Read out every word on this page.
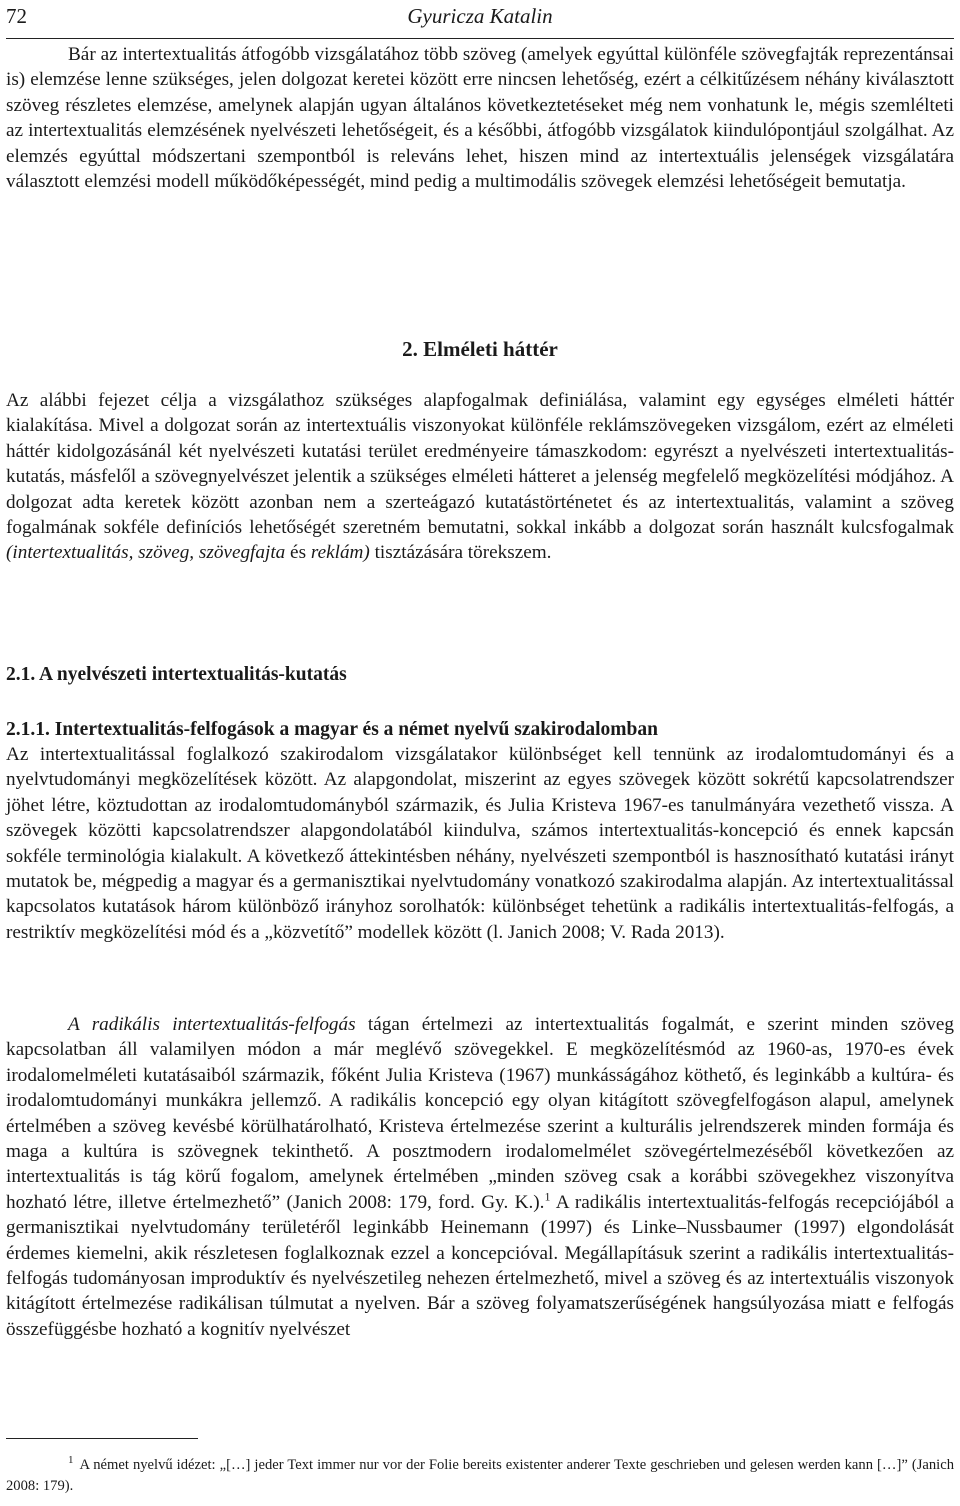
72	Gyuricza Katalin

Bár az intertextualitás átfogóbb vizsgálatához több szöveg (amelyek egyúttal különféle szövegfajták reprezentánsai is) elemzése lenne szükséges, jelen dolgozat keretei között erre nincsen lehetőség, ezért a célkitűzésem néhány kiválasztott szöveg részletes elemzése, amelynek alapján ugyan általános következtetéseket még nem vonhatunk le, mégis szemlélteti az intertextualitás elemzésének nyelvészeti lehetőségeit, és a későbbi, átfogóbb vizsgálatok kiindulópontjául szolgálhat. Az elemzés egyúttal módszertani szempontból is releváns lehet, hiszen mind az intertextuális jelenségek vizsgálatára választott elemzési modell működőképességét, mind pedig a multimodális szövegek elemzési lehetőségeit bemutatja.

2. Elméleti háttér

Az alábbi fejezet célja a vizsgálathoz szükséges alapfogalmak definiálása, valamint egy egységes elméleti háttér kialakítása. Mivel a dolgozat során az intertextuális viszonyokat különféle reklámszövegeken vizsgálom, ezért az elméleti háttér kidolgozásánál két nyelvészeti kutatási terület eredményeire támaszkodom: egyrészt a nyelvészeti intertextualitás-kutatás, másfelől a szövegnyelvészet jelentik a szükséges elméleti hátteret a jelenség megfelelő megközelítési módjához. A dolgozat adta keretek között azonban nem a szerteágazó kutatástörténetet és az intertextualitás, valamint a szöveg fogalmának sokféle definíciós lehetőségét szeretném bemutatni, sokkal inkább a dolgozat során használt kulcsfogalmak (intertextualitás, szöveg, szövegfajta és reklám) tisztázására törekszem.

2.1. A nyelvészeti intertextualitás-kutatás
2.1.1. Intertextualitás-felfogások a magyar és a német nyelvű szakirodalomban

Az intertextualitással foglalkozó szakirodalom vizsgálatakor különbséget kell tennünk az irodalomtudományi és a nyelvtudományi megközelítések között. Az alapgondolat, miszerint az egyes szövegek között sokrétű kapcsolatrendszer jöhet létre, köztudottan az irodalomtudományból származik, és Julia Kristeva 1967-es tanulmányára vezethető vissza. A szövegek közötti kapcsolatrendszer alapgondolatából kiindulva, számos intertextualitás-koncepció és ennek kapcsán sokféle terminológia kialakult. A következő áttekintésben néhány, nyelvészeti szempontból is hasznosítható kutatási irányt mutatok be, mégpedig a magyar és a germanisztikai nyelvtudomány vonatkozó szakirodalma alapján. Az intertextualitással kapcsolatos kutatások három különböző irányhoz sorolhatók: különbséget tehetünk a radikális intertextualitás-felfogás, a restriktív megközelítési mód és a „közvetítő” modellek között (l. Janich 2008; V. Rada 2013).

A radikális intertextualitás-felfogás tágan értelmezi az intertextualitás fogalmát, e szerint minden szöveg kapcsolatban áll valamilyen módon a már meglévő szövegekkel. E megközelítésmód az 1960-as, 1970-es évek irodalomelméleti kutatásaiból származik, főként Julia Kristeva (1967) munkásságához köthető, és leginkább a kultúra- és irodalomtudományi munkákra jellemző. A radikális koncepció egy olyan kitágított szövegfelfogáson alapul, amelynek értelmében a szöveg kevésbé körülhatárolható, Kristeva értelmezése szerint a kulturális jelrendszerek minden formája és maga a kultúra is szövegnek tekinthető. A posztmodern irodalomelmélet szövegértelmezéséből következően az intertextualitás is tág körű fogalom, amelynek értelmében „minden szöveg csak a korábbi szövegekhez viszonyítva hozható létre, illetve értelmezhető” (Janich 2008: 179, ford. Gy. K.).$^1$ A radikális intertextualitás-felfogás recepciójából a germanisztikai nyelvtudomány területéről leginkább Heinemann (1997) és Linke–Nussbaumer (1997) elgondolását érdemes kiemelni, akik részletesen foglalkoznak ezzel a koncepcióval. Megállapításuk szerint a radikális intertextualitás-felfogás tudományosan improduktív és nyelvészetileg nehezen értelmezhető, mivel a szöveg és az intertextuális viszonyok kitágított értelmezése radikálisan túlmutat a nyelven. Bár a szöveg folyamatszerűségének hangsúlyozása miatt e felfogás összefüggésbe hozható a kognitív nyelvészet

$^1$ A német nyelvű idézet: „[…] jeder Text immer nur vor der Folie bereits existenter anderer Texte geschrieben und gelesen werden kann […]” (Janich 2008: 179).
